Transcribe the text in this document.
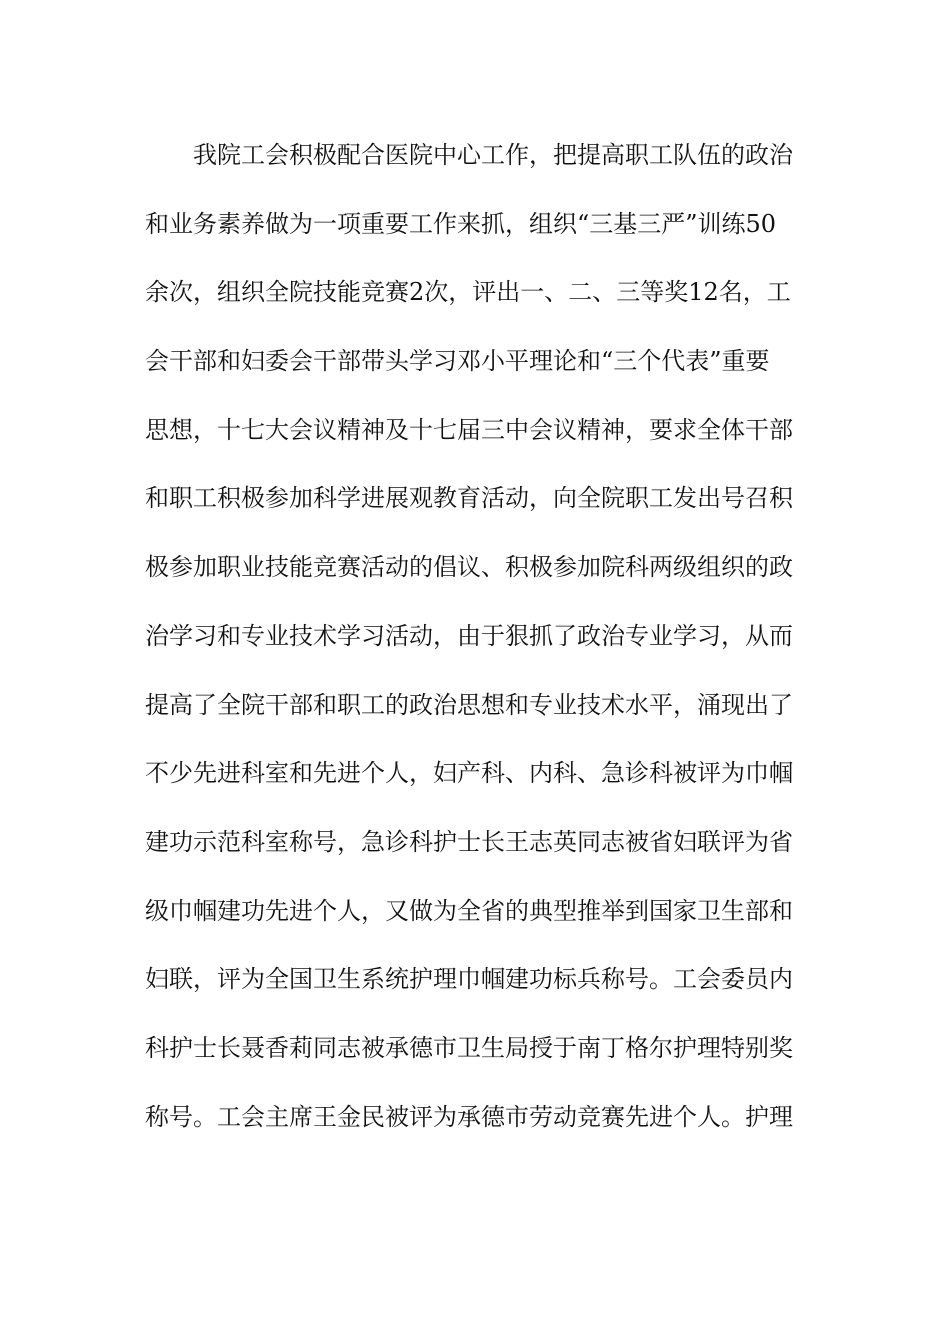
我院工会积极配合医院中心工作，把提高职工队伍的政治
和业务素养做为一项重要工作来抓，组织“三基三严”训练50
余次，组织全院技能竞赛2次，评出一、二、三等奖12名，工
会干部和妇委会干部带头学习邓小平理论和“三个代表”重要
思想，十七大会议精神及十七届三中会议精神，要求全体干部
和职工积极参加科学进展观教育活动，向全院职工发出号召积
极参加职业技能竞赛活动的倡议、积极参加院科两级组织的政
治学习和专业技术学习活动，由于狠抓了政治专业学习，从而
提高了全院干部和职工的政治思想和专业技术水平，涌现出了
不少先进科室和先进个人，妇产科、内科、急诊科被评为巾帼
建功示范科室称号，急诊科护士长王志英同志被省妇联评为省
级巾帼建功先进个人，又做为全省的典型推举到国家卫生部和
妇联，评为全国卫生系统护理巾帼建功标兵称号。工会委员内
科护士长聂香莉同志被承德市卫生局授于南丁格尔护理特别奖
称号。工会主席王金民被评为承德市劳动竞赛先进个人。护理
